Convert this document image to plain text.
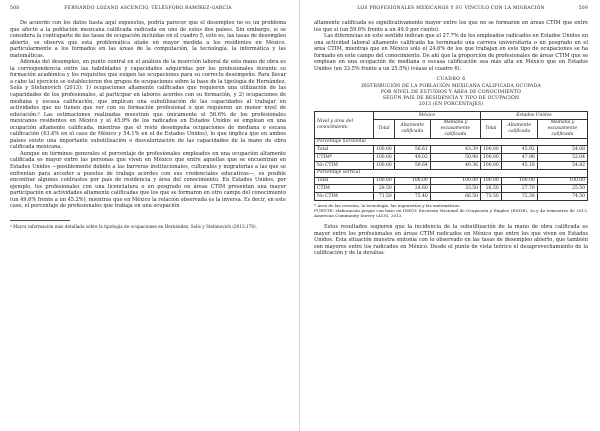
508	FERNANDO LOZANO ASCENCIO, TELÉSFORO RAMÍREZ-GARCÍA

De acuerdo con los datos hasta aquí expuestos, podría parecer que el desempleo no es un problema que afecte a la población mexicana calificada radicada en uno de estos dos países. Sin embargo, si se considera la contraparte de las tasas de ocupación incluidas en el cuadro 5, esto es, las tasas de desempleo abierto, se observa que esta problemática atañe en mayor medida a los residentes en México, particularmente a los formados en las áreas de la computación, la tecnología, la informática y las matemáticas.

Además del desempleo, un punto central en el análisis de la inserción laboral de esta mano de obra es la correspondencia entre las habilidades y capacidades adquiridas por los profesionales durante su formación académica y los requisitos que exigen las ocupaciones para su correcto desempeño. Para llevar a cabo tal ejercicio se establecieron dos grupos de ocupaciones sobre la base de la tipología de Hernández, Solís y Stefanovich (2013): 1) ocupaciones altamente calificadas que requieren una utilización de las capacidades de los profesionales, al participar en labores acordes con su formación, y 2) ocupaciones de mediana y escasa calificación, que implican una subutilización de las capacidades al trabajar en actividades que no tienen que ver con su formación profesional o que requieren un menor nivel de educación.⁸ Las estimaciones realizadas muestran que únicamente el 56.6% de los profesionales mexicanos residentes en México y el 45.9% de los radicados en Estados Unidos se emplean en una ocupación altamente calificada, mientras que el resto desempeña ocupaciones de mediana o escasa calificación (43.4% en el caso de México y 54.1% en el de Estados Unidos), lo que implica que en ambos países existe una importante subutilización o desvalorización de las capacidades de la mano de obra calificada mexicana.

Aunque en términos generales el porcentaje de profesionales empleados en una ocupación altamente calificada es mayor entre las personas que viven en México que entre aquellas que se encuentran en Estados Unidos —posiblemente debido a las barreras institucionales, culturales y migratorias a las que se enfrentan para acceder a puestos de trabajo acordes con sus credenciales educativas—, es posible encontrar algunos contrastes por país de residencia y área del conocimiento. En Estados Unidos, por ejemplo, los profesionales con una licenciatura o un posgrado en áreas CTIM presentan una mayor participación en actividades altamente calificadas que los que se formaron en otro campo del conocimiento (un 49.6% frente a un 45.2%), mientras que en México la relación observada es la inversa. Es decir, en este caso, el porcentaje de profesionales que trabaja en una ocupación

⁸ Mayor información más detallada sobre la tipología de ocupaciones en Hernández, Solís y Stefanovich (2013:176).

LOS PROFESIONALES MEXICANOS Y SU VÍNCULO CON LA MIGRACIÓN	509

altamente calificada es significativamente mayor entre los que no se formaron en áreas CTIM que entre los que sí (un 59.6% frente a un 49.0 por ciento).

Las diferencias en este sentido indican que el 27.7% de los empleados radicados en Estados Unidos en una actividad laboral altamente calificada ha terminado una carrera universitaria o un posgrado en el área CTIM, mientras que en México sólo el 24.6% de los que trabajan en este tipo de ocupaciones se ha formado en este campo del conocimiento. De ahí que la proporción de profesionales de áreas CTIM que se emplean en una ocupación de mediana o escasa calificación sea más alta en México que en Estados Unidos (un 33.5% frente a un 25.5%) (véase el cuadro 6).

CUADRO 6
DISTRIBUCIÓN DE LA POBLACIÓN MEXICANA CALIFICADA OCUPADA
POR NIVEL DE ESTUDIOS Y ÁREA DE CONOCIMIENTO
SEGÚN PAÍS DE RESIDENCIA Y TIPO DE OCUPACIÓN
2013 (EN PORCENTAJES)
Nivel y área del conocimiento	México			Estados Unidos		
	Total	Altamente calificada	Mediana y escasamente calificada	Total	Altamente calificada	Mediana y escasamente calificada
Porcentaje horizontal						
Total	100.00	56.61	43.39	100.00	45.92	54.08
CTIM*	100.00	49.02	50.98	100.00	47.96	52.04
No CTIM	100.00	59.64	40.36	100.00	45.18	54.82
Porcentaje vertical						
Total	100.00	100.00	100.00	100.00	100.00	100.00
CTIM	28.50	24.60	33.50	26.50	27.70	25.50
No CTIM	71.50	75.40	66.50	73.50	72.30	74.50

* Área de las ciencias, la tecnología, las ingenierías y las matemáticas.

FUENTE: elaboración propia con base en INEGI: Encuesta Nacional de Ocupación y Empleo (ENOE), 3a y 4o trimestres de 2013, American Community Survey (ACS), 2013.

Estos resultados sugieren que la incidencia de la subutilización de la mano de obra calificada es mayor entre los profesionales en áreas CTIM radicados en México que entre los que viven en Estados Unidos. Esta situación muestra sintonía con lo observado en las tasas de desempleo abierto, que también son mayores entre los radicados en México. Desde el punto de vista teórico el desaprovechamiento de la calificación y de la devalua-
